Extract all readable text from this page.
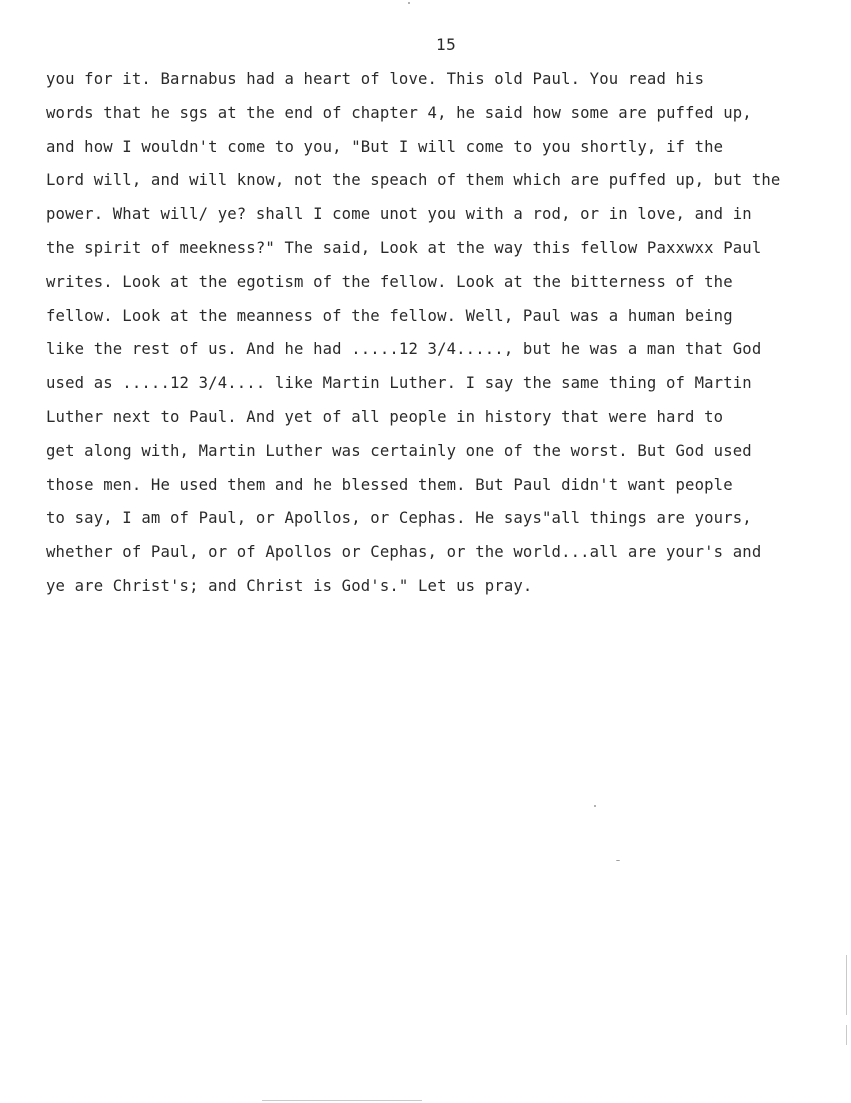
15
you for it. Barnabus had a heart of love. This old Paul. You read his
words that he sgs at the end of chapter 4, he said how some are puffed up,
and how I wouldn't come to you, "But I will come to you shortly, if the
Lord will, and will know, not the speach of them which are puffed up, but the
power. What will/ ye? shall I come unot you with a rod, or in love, and in
the spirit of meekness?" The said, Look at the way this fellow Paxxwxx Paul
writes. Look at the egotism of the fellow. Look at the bitterness of the
fellow. Look at the meanness of the fellow. Well, Paul was a human being
like the rest of us. And he had .....12 3/4....., but he was a man that God
used as .....12 3/4.... like Martin Luther. I say the same thing of Martin
Luther next to Paul. And yet of all people in history that were hard to
get along with, Martin Luther was certainly one of the worst. But God used
those men. He used them and he blessed them. But Paul didn't want people
to say, I am of Paul, or Apollos, or Cephas. He says"all things are yours,
whether of Paul, or of Apollos or Cephas, or the world...all are your's and
ye are Christ's; and Christ is God's." Let us pray.
